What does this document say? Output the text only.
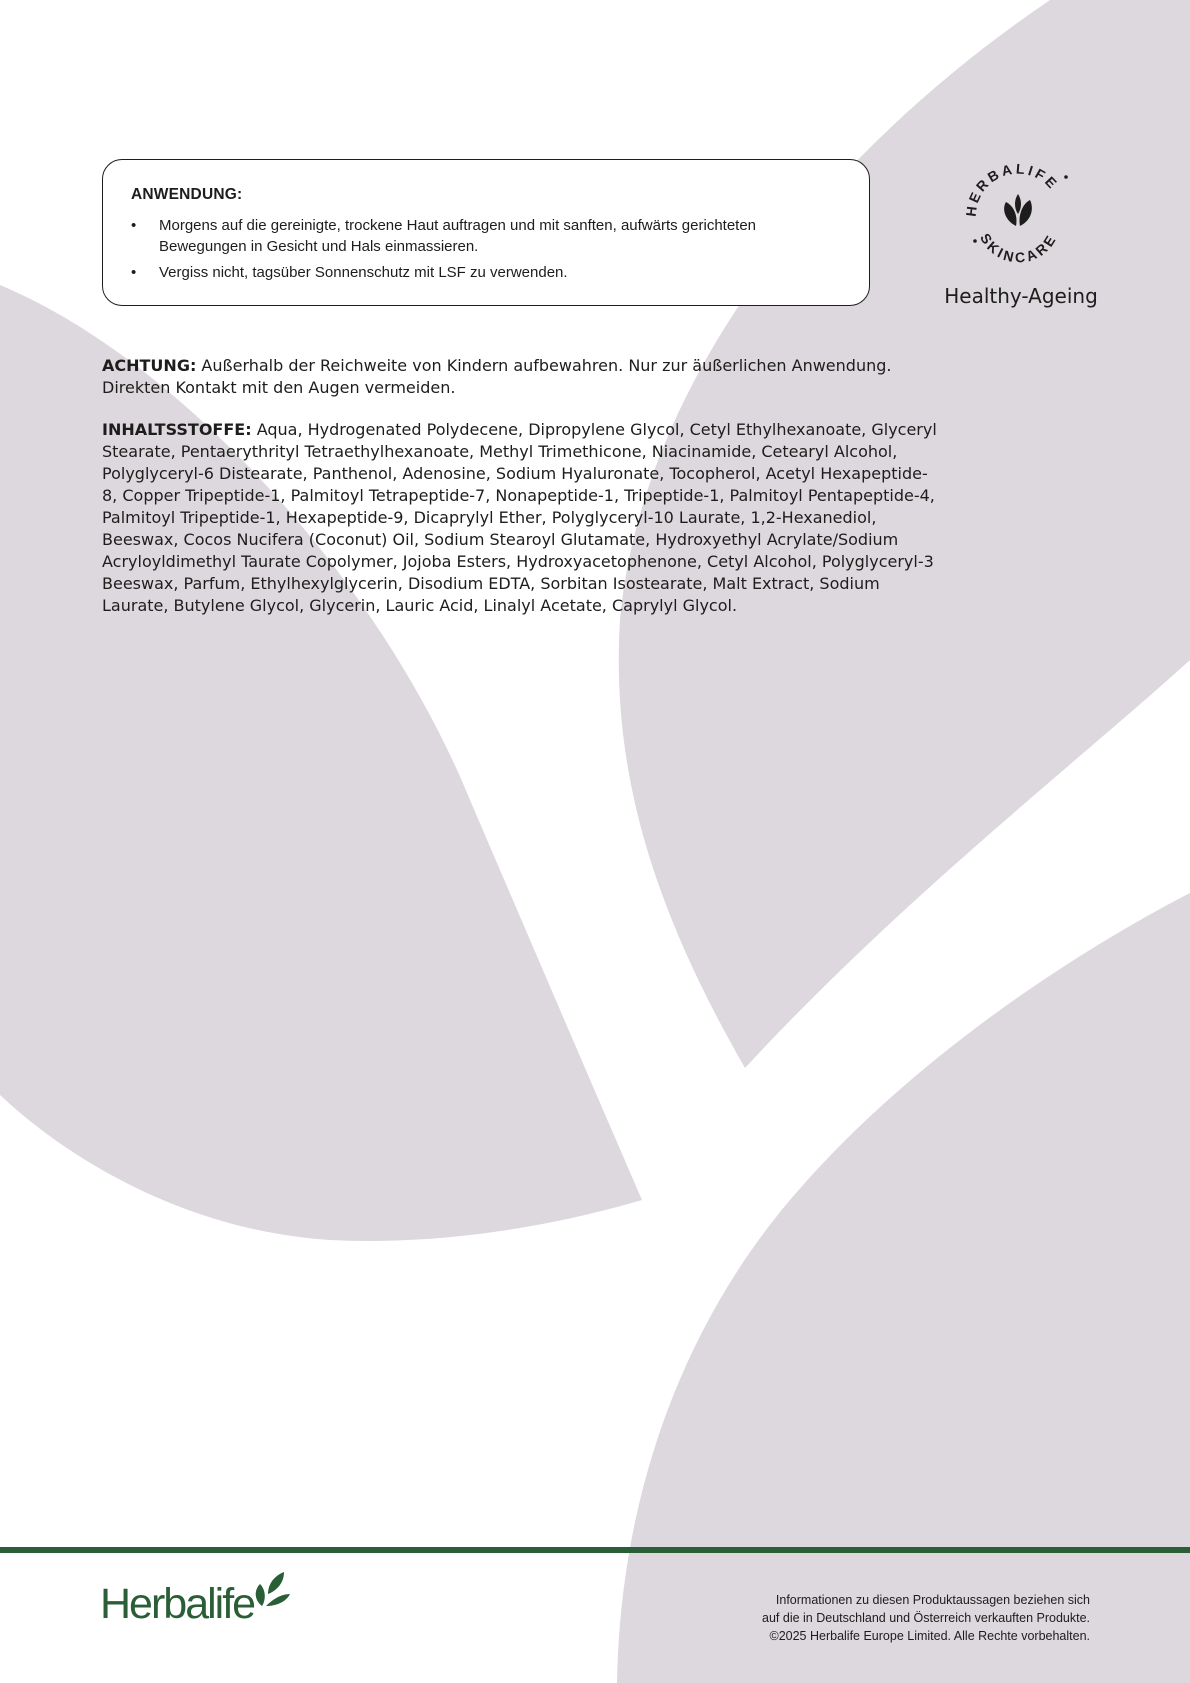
ANWENDUNG:
• Morgens auf die gereinigte, trockene Haut auftragen und mit sanften, aufwärts gerichteten Bewegungen in Gesicht und Hals einmassieren.
• Vergiss nicht, tagsüber Sonnenschutz mit LSF zu verwenden.
HERBALIFE
SKINCARE
Healthy-Ageing

ACHTUNG: Außerhalb der Reichweite von Kindern aufbewahren. Nur zur äußerlichen Anwendung. Direkten Kontakt mit den Augen vermeiden.

INHALTSSTOFFE: Aqua, Hydrogenated Polydecene, Dipropylene Glycol, Cetyl Ethylhexanoate, Glyceryl Stearate, Pentaerythrityl Tetraethylhexanoate, Methyl Trimethicone, Niacinamide, Cetearyl Alcohol, Polyglyceryl-6 Distearate, Panthenol, Adenosine, Sodium Hyaluronate, Tocopherol, Acetyl Hexapeptide-8, Copper Tripeptide-1, Palmitoyl Tetrapeptide-7, Nonapeptide-1, Tripeptide-1, Palmitoyl Pentapeptide-4, Palmitoyl Tripeptide-1, Hexapeptide-9, Dicaprylyl Ether, Polyglyceryl-10 Laurate, 1,2-Hexanediol, Beeswax, Cocos Nucifera (Coconut) Oil, Sodium Stearoyl Glutamate, Hydroxyethyl Acrylate/Sodium Acryloyldimethyl Taurate Copolymer, Jojoba Esters, Hydroxyacetophenone, Cetyl Alcohol, Polyglyceryl-3 Beeswax, Parfum, Ethylhexylglycerin, Disodium EDTA, Sorbitan Isostearate, Malt Extract, Sodium Laurate, Butylene Glycol, Glycerin, Lauric Acid, Linalyl Acetate, Caprylyl Glycol.

Herbalife	Informationen zu diesen Produktaussagen beziehen sich
auf die in Deutschland und Österreich verkauften Produkte.
©2025 Herbalife Europe Limited. Alle Rechte vorbehalten.
